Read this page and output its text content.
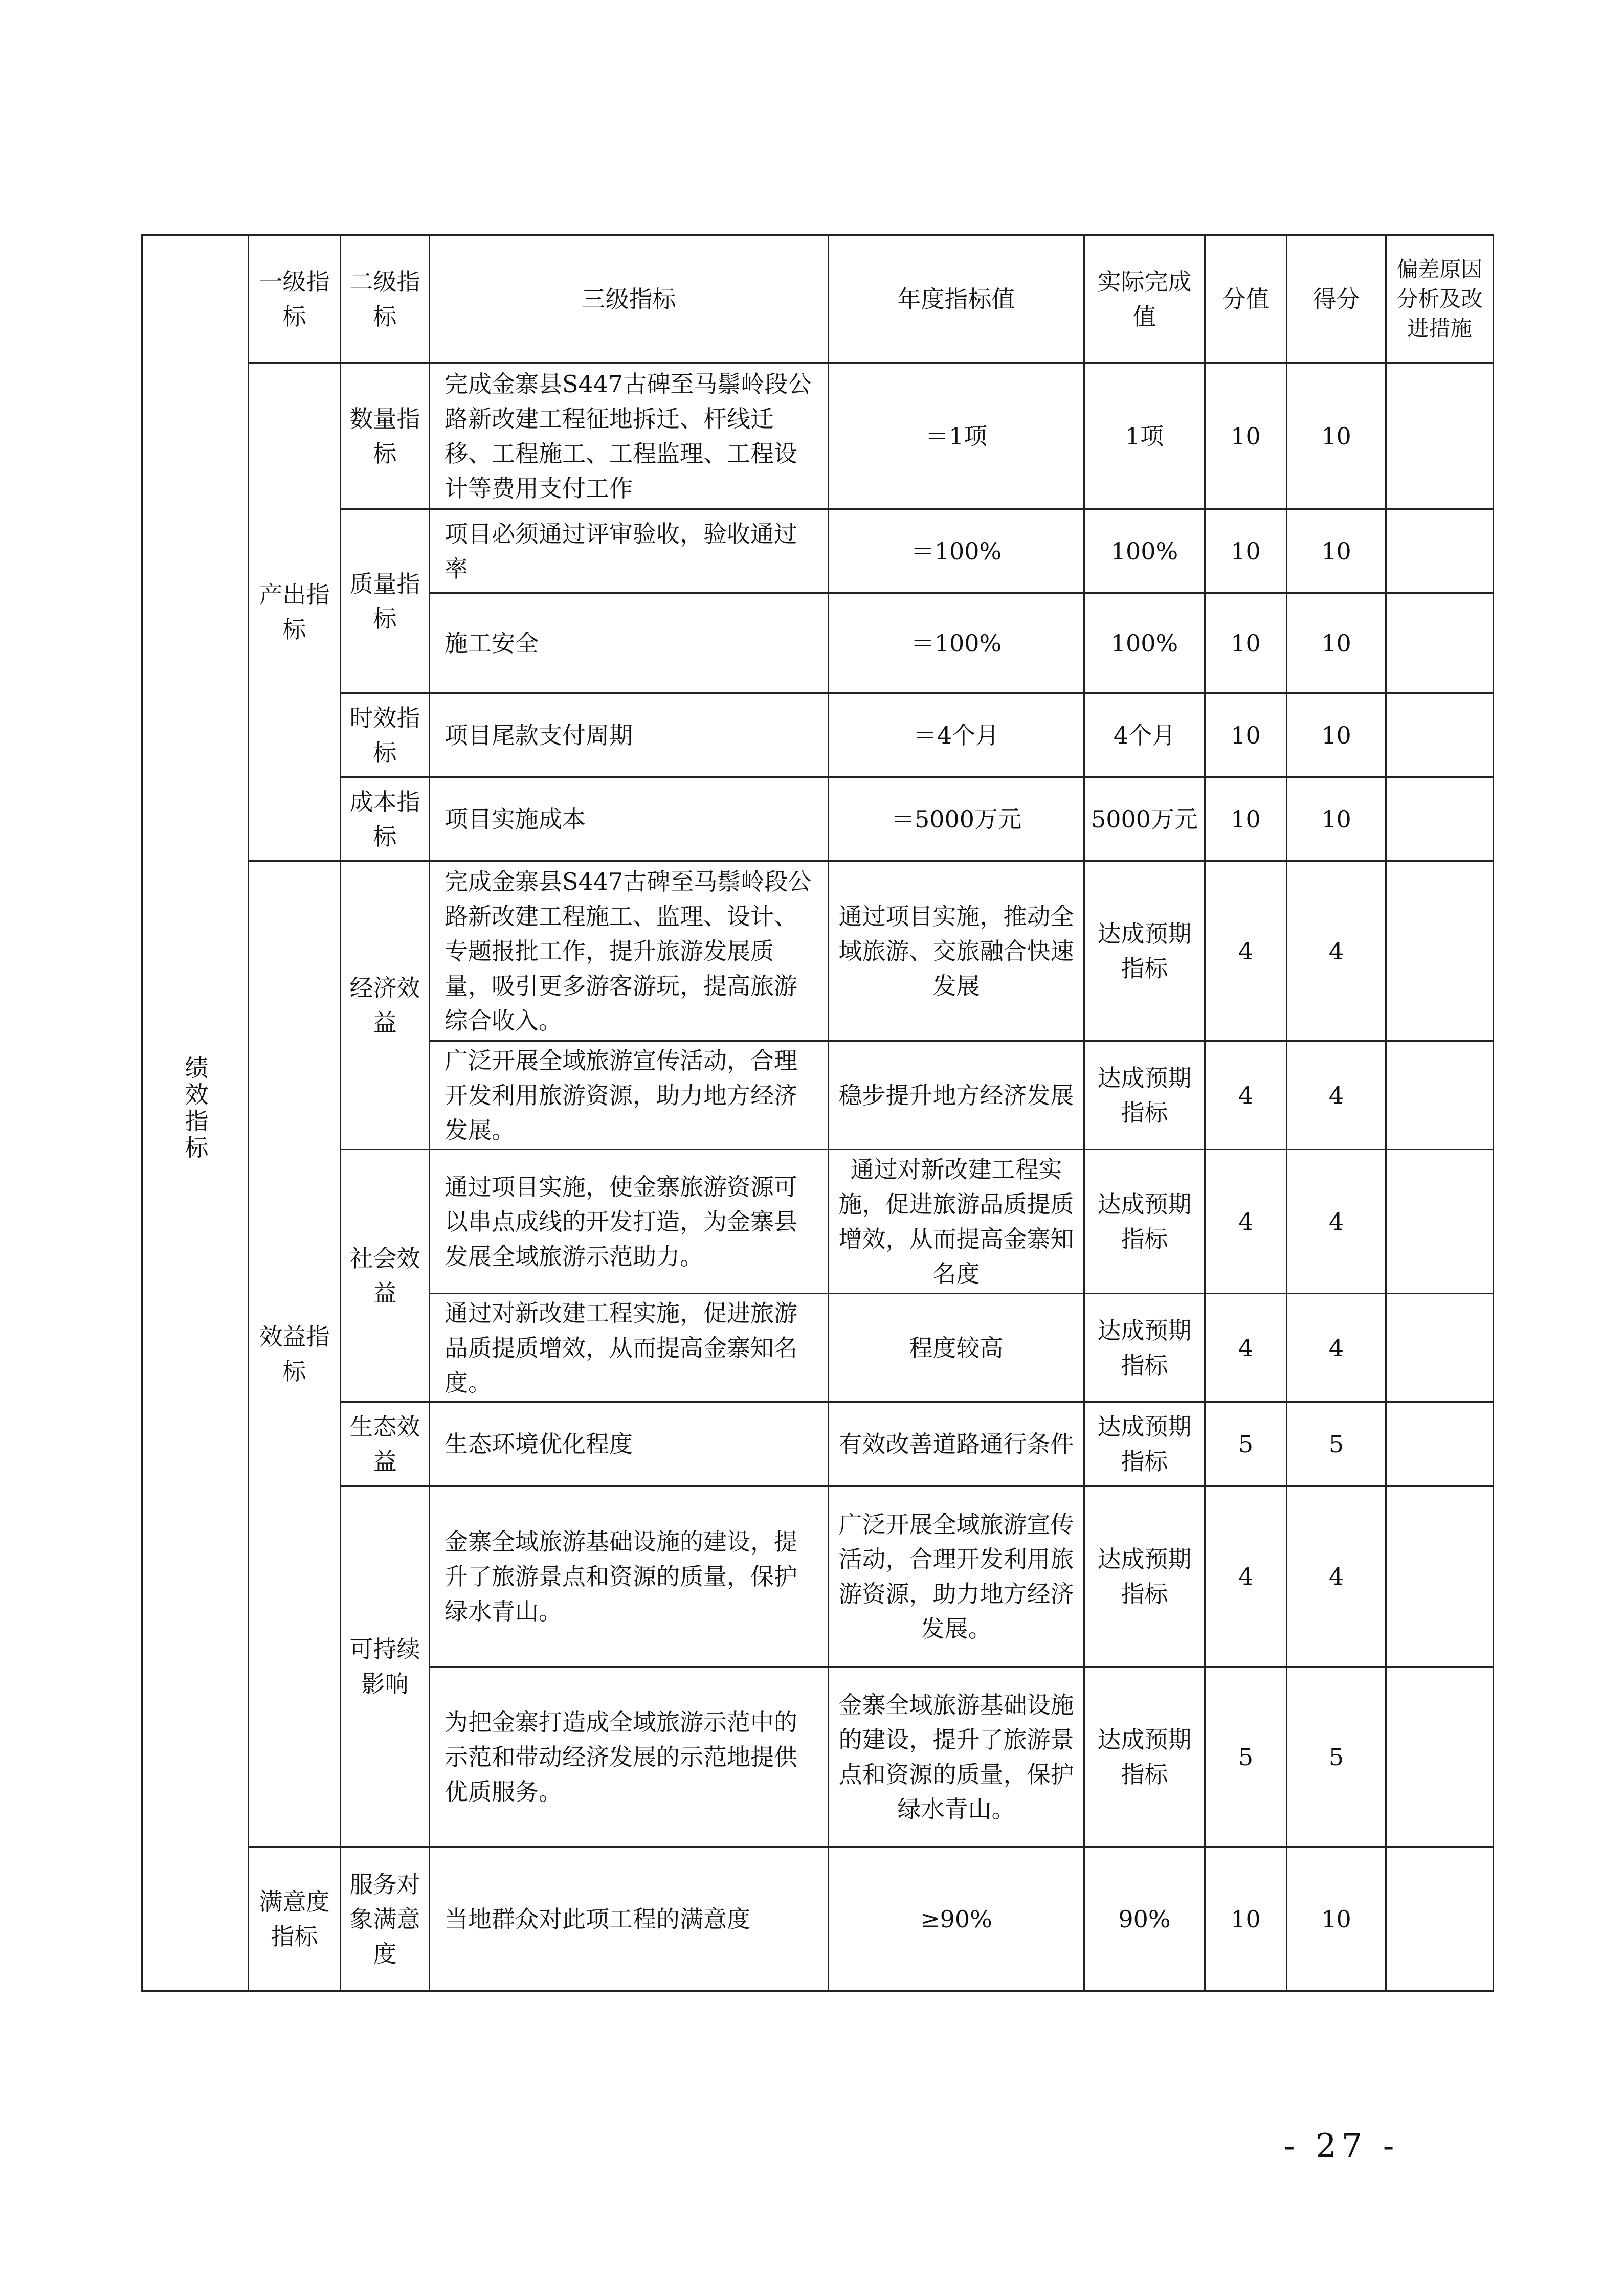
绩效指标	一级指标	二级指标	三级指标	年度指标值	实际完成值	分值	得分	偏差原因分析及改进措施
	产出指标	数量指标	完成金寨县S447古碑至马鬃岭段公路新改建工程征地拆迁、杆线迁移、工程施工、工程监理、工程设计等费用支付工作	＝1项	1项	10	10	
		质量指标	项目必须通过评审验收，验收通过率	＝100%	100%	10	10	
			施工安全	＝100%	100%	10	10	
		时效指标	项目尾款支付周期	＝4个月	4个月	10	10	
		成本指标	项目实施成本	＝5000万元	5000万元	10	10	
	效益指标	经济效益	完成金寨县S447古碑至马鬃岭段公路新改建工程施工、监理、设计、专题报批工作，提升旅游发展质量，吸引更多游客游玩，提高旅游综合收入。	通过项目实施，推动全域旅游、交旅融合快速发展	达成预期指标	4	4	
			广泛开展全域旅游宣传活动，合理开发利用旅游资源，助力地方经济发展。	稳步提升地方经济发展	达成预期指标	4	4	
		社会效益	通过项目实施，使金寨旅游资源可以串点成线的开发打造，为金寨县发展全域旅游示范助力。	通过对新改建工程实施，促进旅游品质提质增效，从而提高金寨知名度	达成预期指标	4	4	
			通过对新改建工程实施，促进旅游品质提质增效，从而提高金寨知名度。	程度较高	达成预期指标	4	4	
		生态效益	生态环境优化程度	有效改善道路通行条件	达成预期指标	5	5	
		可持续影响	金寨全域旅游基础设施的建设，提升了旅游景点和资源的质量，保护绿水青山。	广泛开展全域旅游宣传活动，合理开发利用旅游资源，助力地方经济发展。	达成预期指标	4	4	
			为把金寨打造成全域旅游示范中的示范和带动经济发展的示范地提供优质服务。	金寨全域旅游基础设施的建设，提升了旅游景点和资源的质量，保护绿水青山。	达成预期指标	5	5	
	满意度指标	服务对象满意度	当地群众对此项工程的满意度	≥90%	90%	10	10	
- 27 -
